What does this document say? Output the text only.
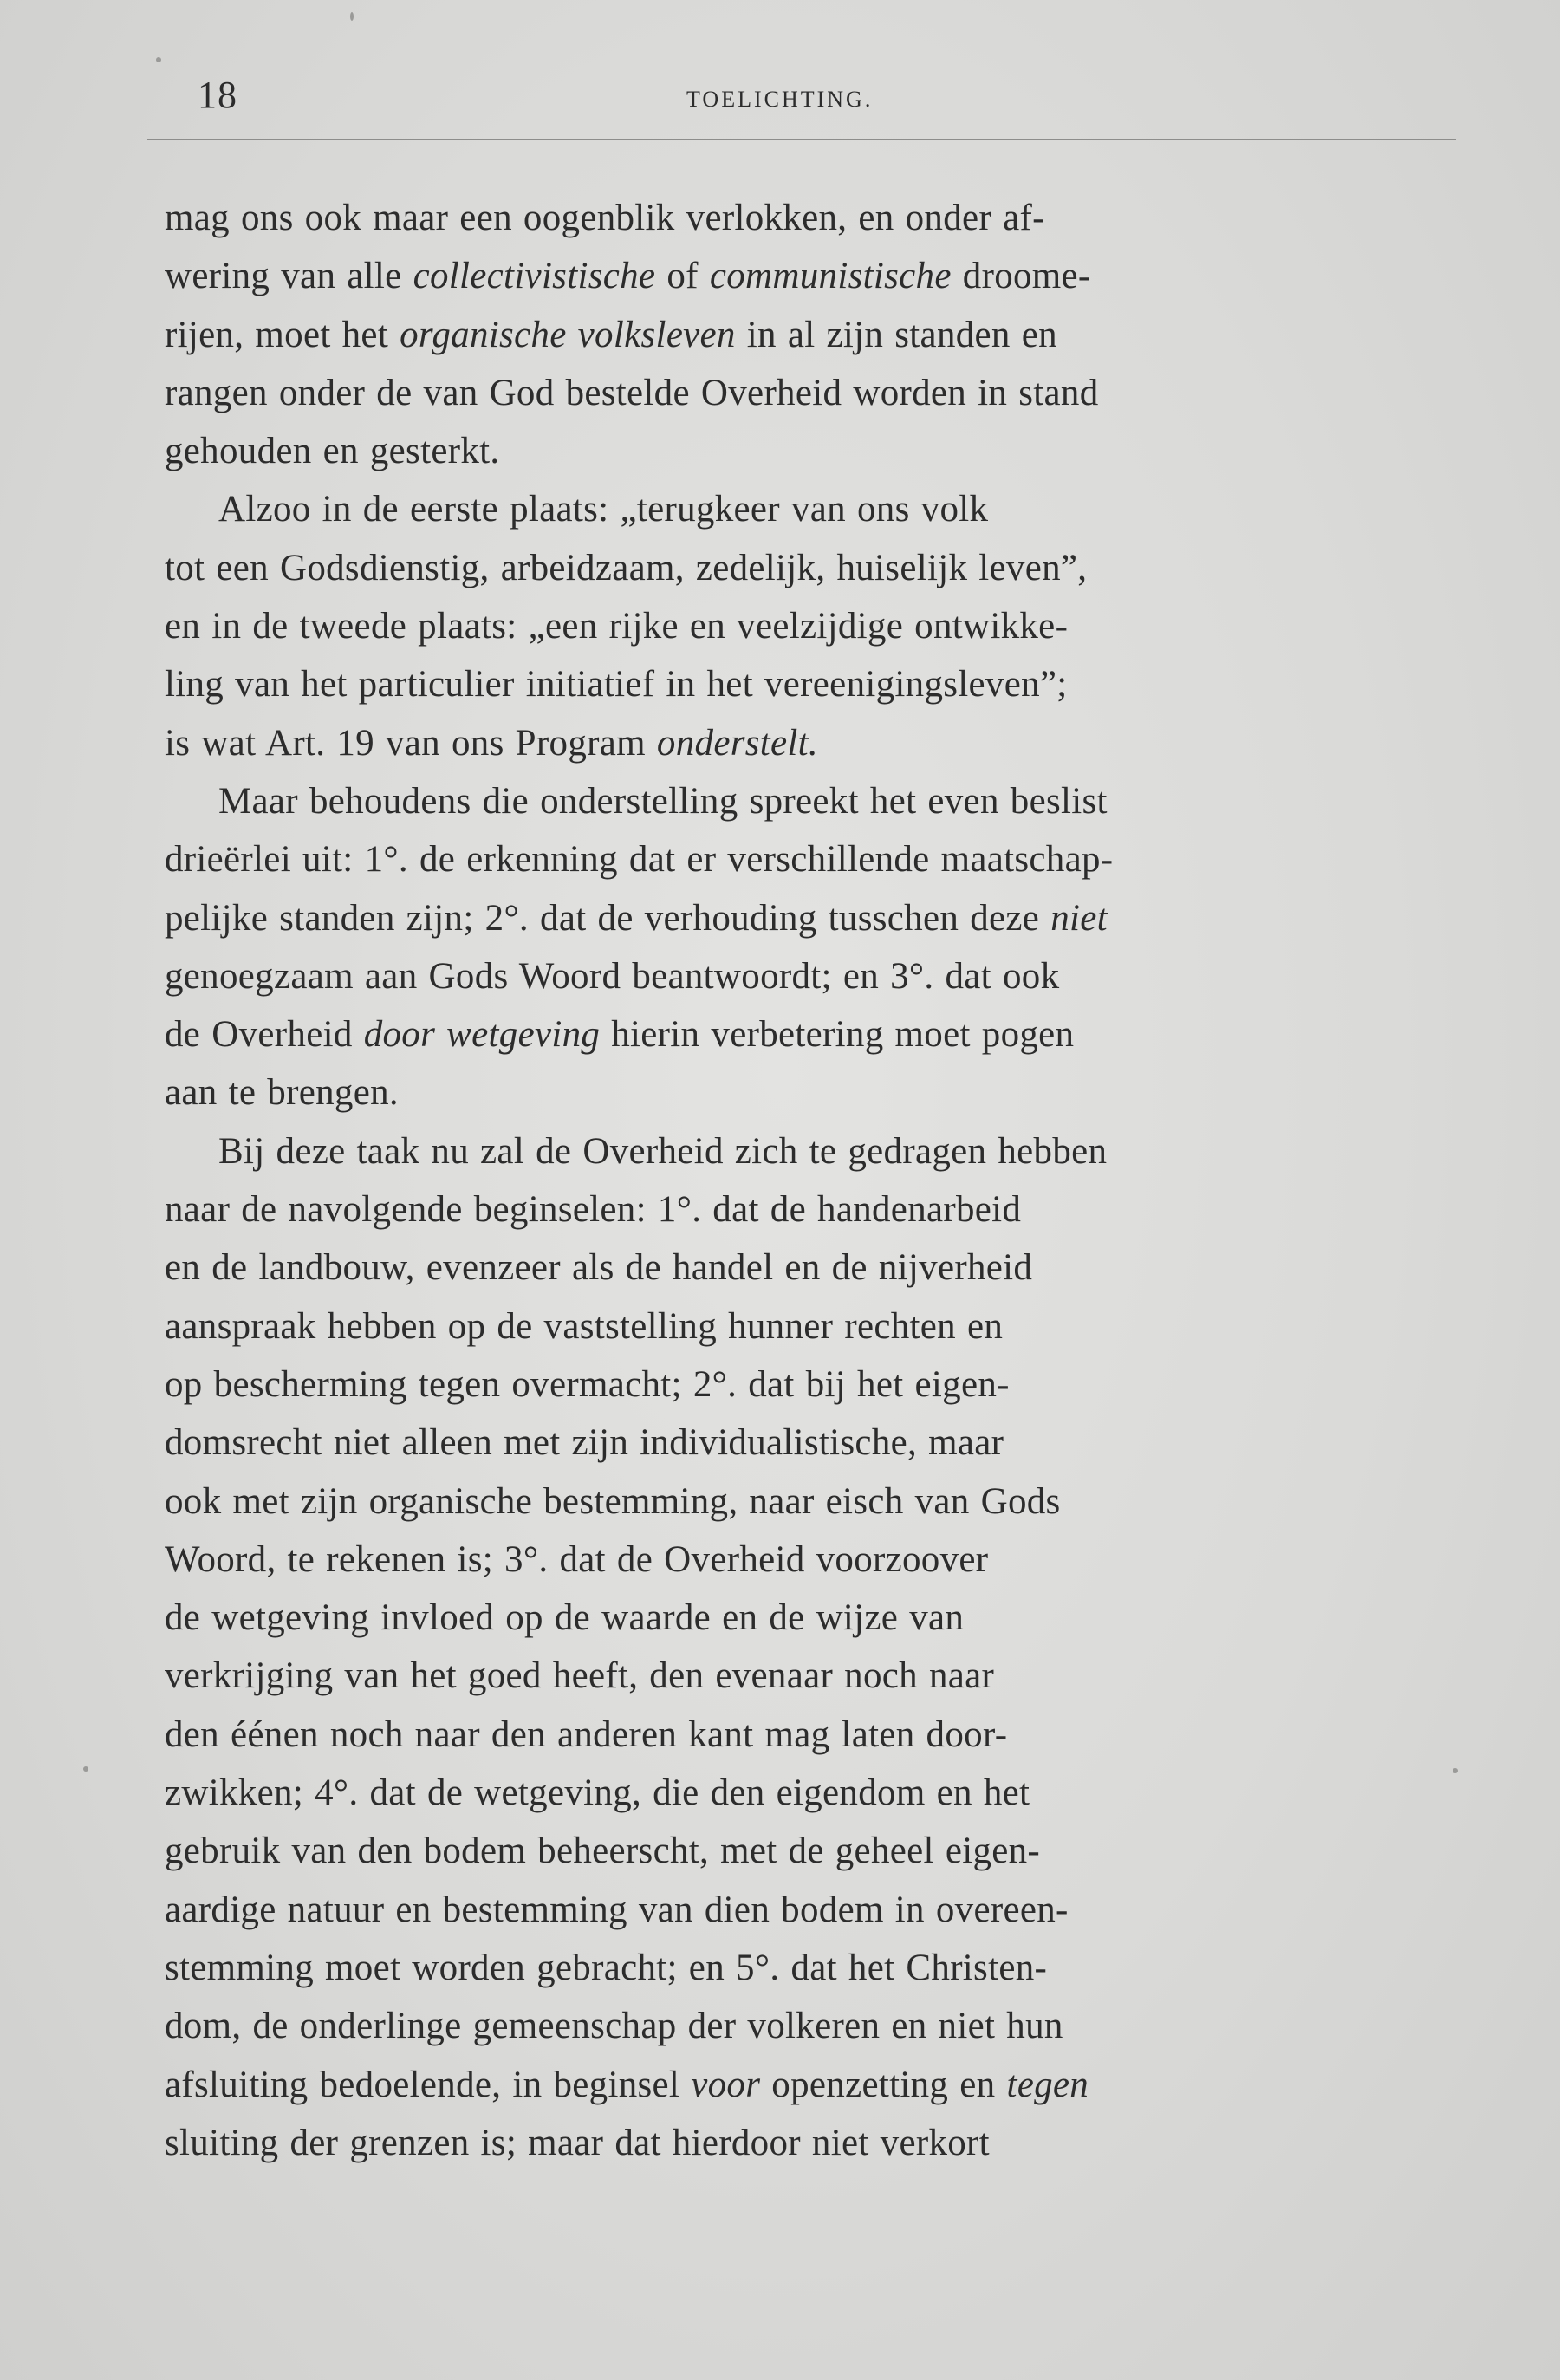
18	TOELICHTING.
mag ons ook maar een oogenblik verlokken, en onder af-
wering van alle collectivistische of communistische droome-
rijen, moet het organische volksleven in al zijn standen en
rangen onder de van God bestelde Overheid worden in stand
gehouden en gesterkt.
Alzoo in de eerste plaats: „terugkeer van ons volk
tot een Godsdienstig, arbeidzaam, zedelijk, huiselijk leven”,
en in de tweede plaats: „een rijke en veelzijdige ontwikke-
ling van het particulier initiatief in het vereenigingsleven”;
is wat Art. 19 van ons Program onderstelt.
Maar behoudens die onderstelling spreekt het even beslist
drieërlei uit: 1°. de erkenning dat er verschillende maatschap-
pelijke standen zijn; 2°. dat de verhouding tusschen deze niet
genoegzaam aan Gods Woord beantwoordt; en 3°. dat ook
de Overheid door wetgeving hierin verbetering moet pogen
aan te brengen.
Bij deze taak nu zal de Overheid zich te gedragen hebben
naar de navolgende beginselen: 1°. dat de handenarbeid
en de landbouw, evenzeer als de handel en de nijverheid
aanspraak hebben op de vaststelling hunner rechten en
op bescherming tegen overmacht; 2°. dat bij het eigen-
domsrecht niet alleen met zijn individualistische, maar
ook met zijn organische bestemming, naar eisch van Gods
Woord, te rekenen is; 3°. dat de Overheid voorzoover
de wetgeving invloed op de waarde en de wijze van
verkrijging van het goed heeft, den evenaar noch naar
den éénen noch naar den anderen kant mag laten door-
zwikken; 4°. dat de wetgeving, die den eigendom en het
gebruik van den bodem beheerscht, met de geheel eigen-
aardige natuur en bestemming van dien bodem in overeen-
stemming moet worden gebracht; en 5°. dat het Christen-
dom, de onderlinge gemeenschap der volkeren en niet hun
afsluiting bedoelende, in beginsel voor openzetting en tegen
sluiting der grenzen is; maar dat hierdoor niet verkort
